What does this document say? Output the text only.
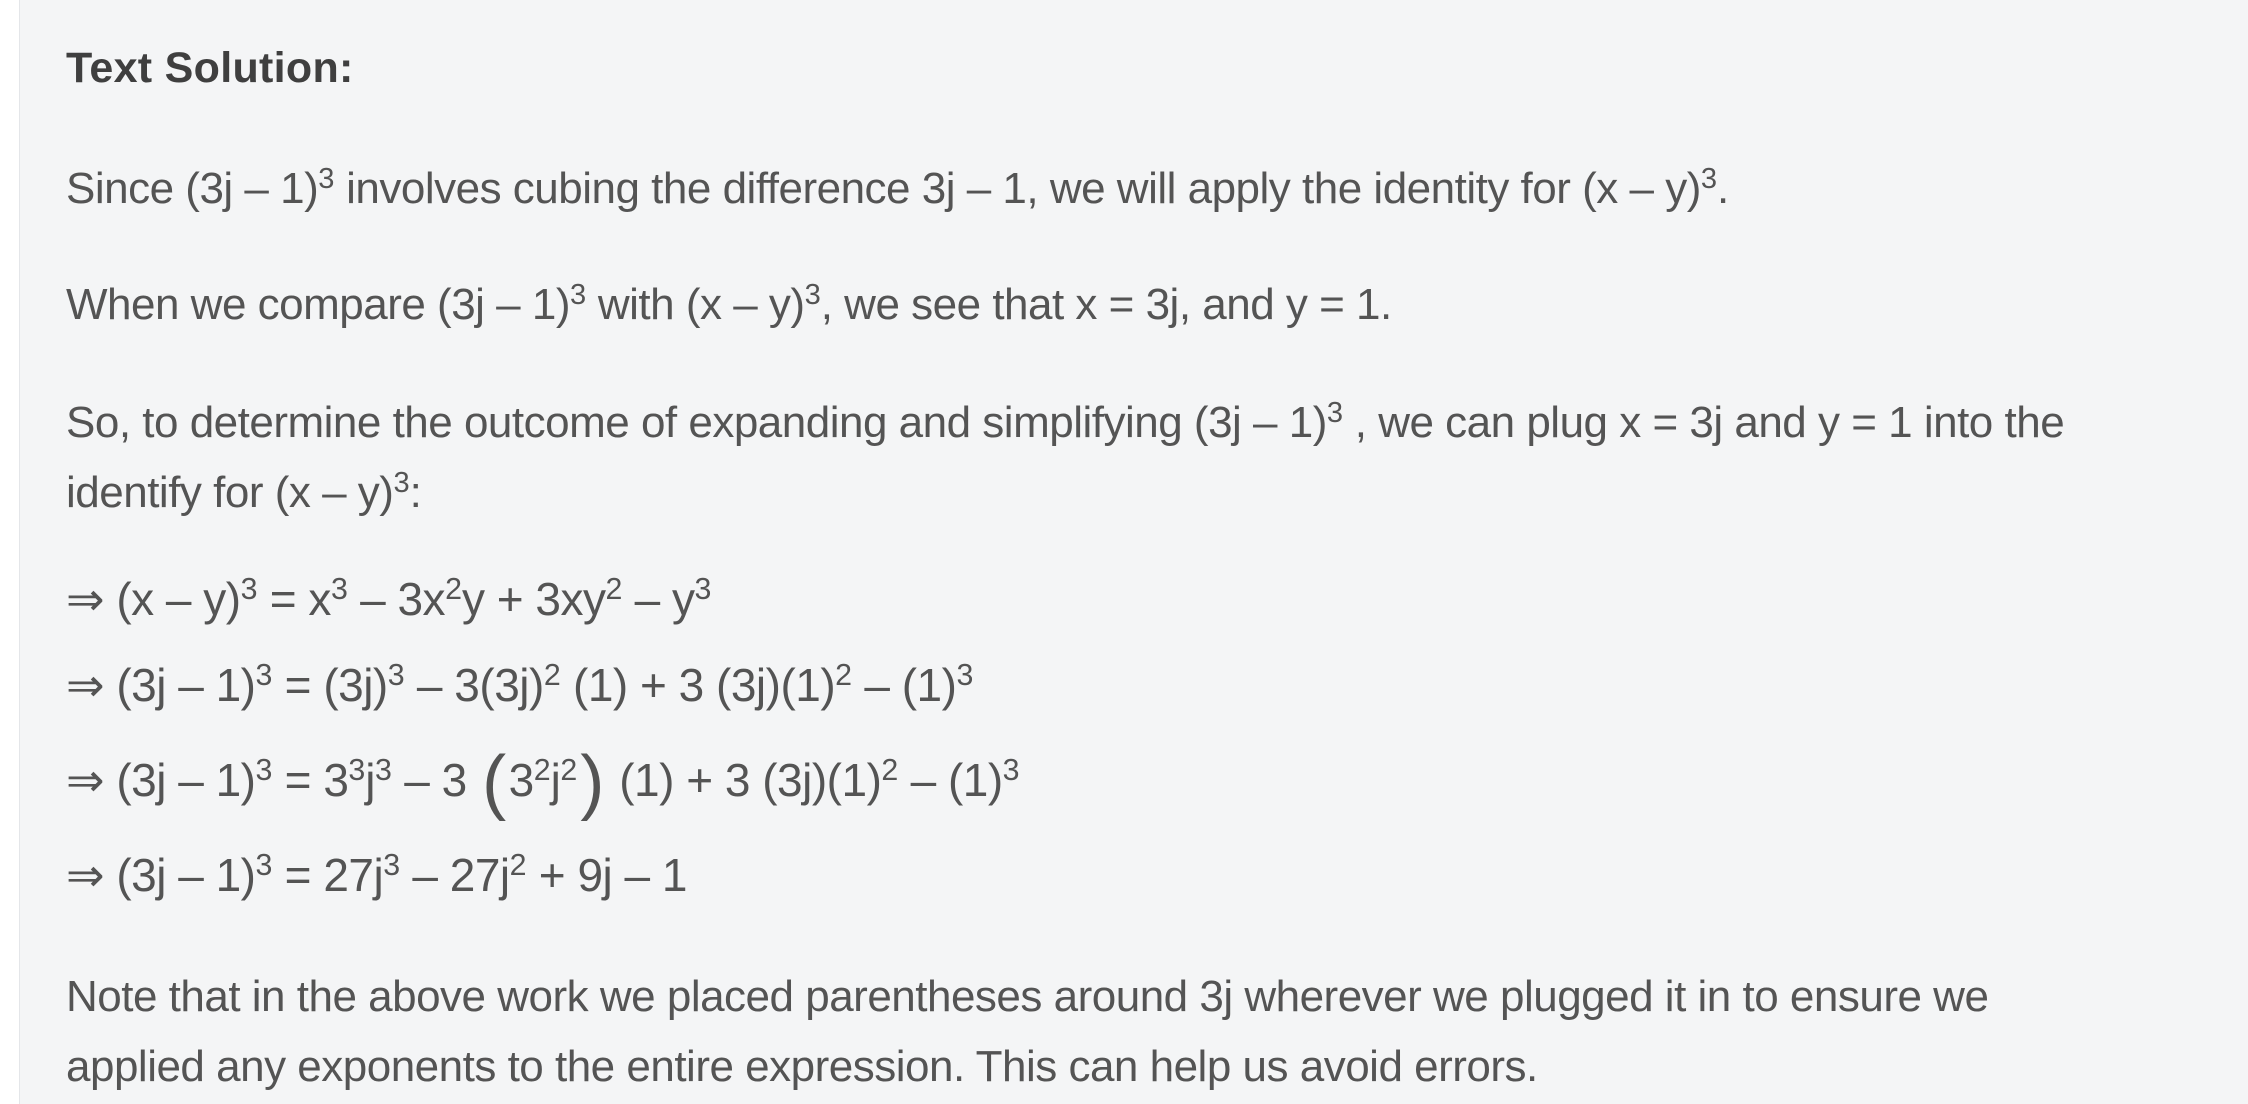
Text Solution:

Since (3j – 1)$^3$ involves cubing the difference 3j – 1, we will apply the identity for (x – y)$^3$.

When we compare (3j – 1)$^3$ with (x – y)$^3$, we see that x = 3j, and y = 1.

So, to determine the outcome of expanding and simplifying (3j – 1)$^3$ , we can plug x = 3j and y = 1 into the
identify for (x – y)$^3$:

⇒ $(x - y)^3 = x^3 - 3x^2y + 3xy^2 - y^3$
⇒ $(3j - 1)^3 = (3j)^3 - 3(3j)^2$ (1) + 3 $(3j)(1)^2 - (1)^3$
⇒ $(3j - 1)^3 = 3^3j^3 - 3$ $(3^2j^2) (1) + 3$ $(3j)(1)^2 - (1)^3$
⇒ $(3j - 1)^3 = 27j^3 - 27j^2 + 9j - 1$

Note that in the above work we placed parentheses around 3j wherever we plugged it in to ensure we
applied any exponents to the entire expression. This can help us avoid errors.
